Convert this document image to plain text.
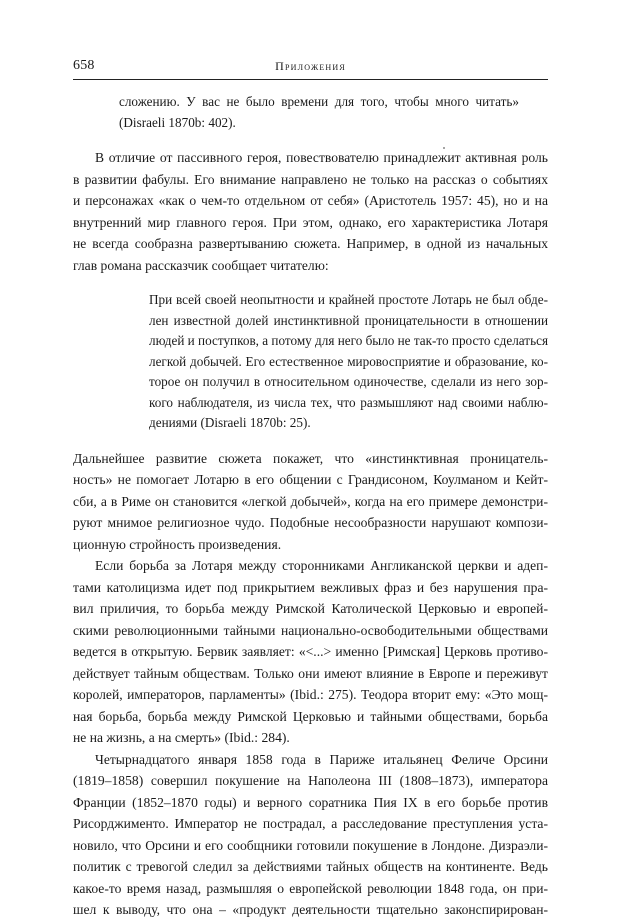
658	Приложения
сложению. У вас не было времени для того, чтобы много читать»
(Disraeli 1870b: 402).
В отличие от пассивного героя, повествователю принадлежит активная роль
в развитии фабулы. Его внимание направлено не только на рассказ о событиях
и персонажах «как о чем-то отдельном от себя» (Аристотель 1957: 45), но и на
внутренний мир главного героя. При этом, однако, его характеристика Лотаря
не всегда сообразна развертыванию сюжета. Например, в одной из начальных
глав романа рассказчик сообщает читателю:
При всей своей неопытности и крайней простоте Лотарь не был обде-
лен известной долей инстинктивной проницательности в отношении
людей и поступков, а потому для него было не так-то просто сделаться
легкой добычей. Его естественное мировосприятие и образование, ко-
торое он получил в относительном одиночестве, сделали из него зор-
кого наблюдателя, из числа тех, что размышляют над своими наблю-
дениями (Disraeli 1870b: 25).
Дальнейшее развитие сюжета покажет, что «инстинктивная проницатель-
ность» не помогает Лотарю в его общении с Грандисоном, Коулманом и Кейт-
сби, а в Риме он становится «легкой добычей», когда на его примере демонстри-
руют мнимое религиозное чудо. Подобные несообразности нарушают компози-
ционную стройность произведения.
Если борьба за Лотаря между сторонниками Англиканской церкви и адеп-
тами католицизма идет под прикрытием вежливых фраз и без нарушения пра-
вил приличия, то борьба между Римской Католической Церковью и европей-
скими революционными тайными национально-освободительными обществами
ведется в открытую. Бервик заявляет: «<...> именно [Римская] Церковь противо-
действует тайным обществам. Только они имеют влияние в Европе и переживут
королей, императоров, парламенты» (Ibid.: 275). Теодора вторит ему: «Это мощ-
ная борьба, борьба между Римской Церковью и тайными обществами, борьба
не на жизнь, а на смерть» (Ibid.: 284).
Четырнадцатого января 1858 года в Париже итальянец Феличе Орсини
(1819–1858) совершил покушение на Наполеона III (1808–1873), императора
Франции (1852–1870 годы) и верного соратника Пия IX в его борьбе против
Рисорджименто. Император не пострадал, а расследование преступления уста-
новило, что Орсини и его сообщники готовили покушение в Лондоне. Дизраэли-
политик с тревогой следил за действиями тайных обществ на континенте. Ведь
какое-то время назад, размышляя о европейской революции 1848 года, он при-
шел к выводу, что она – «продукт деятельности тщательно законспирирован-
